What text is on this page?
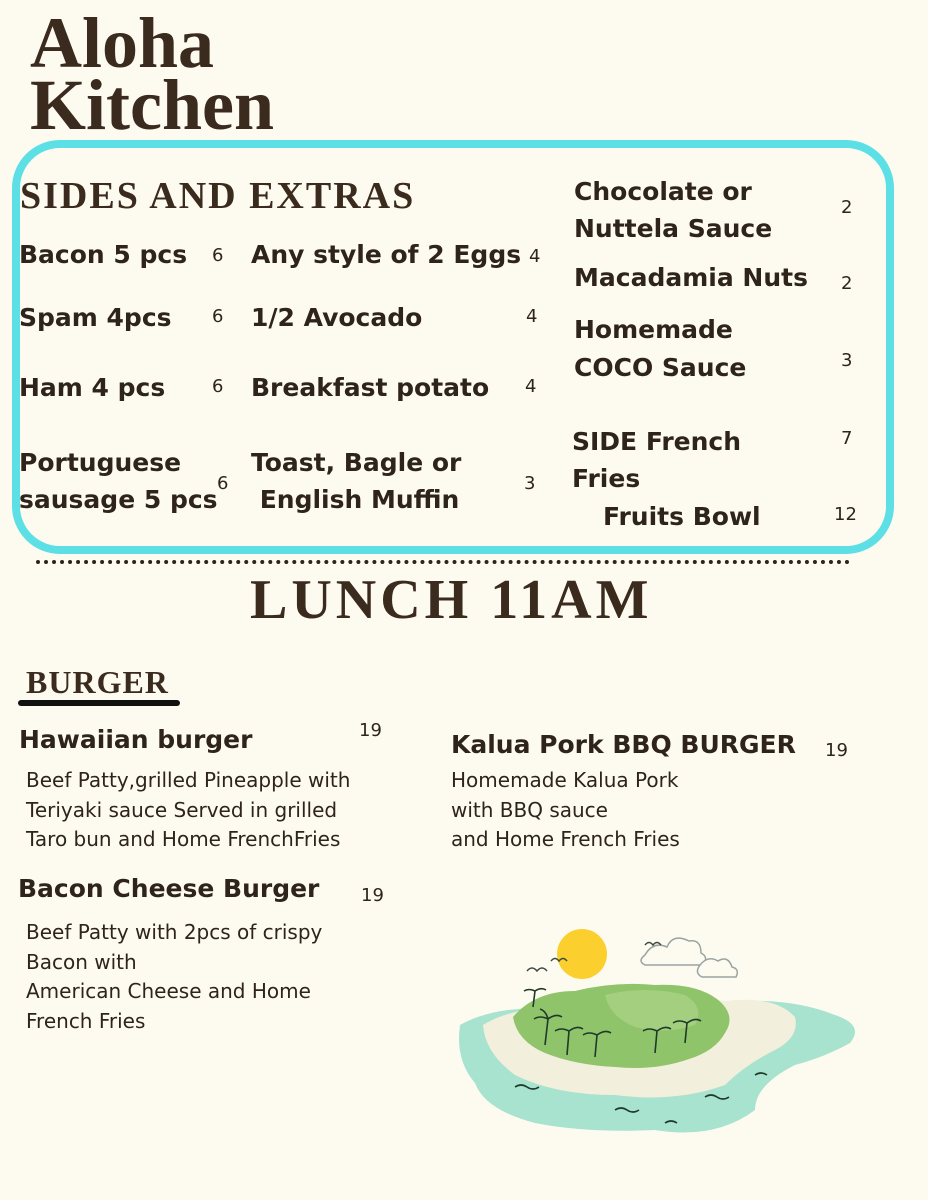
Aloha
Kitchen
SIDES AND EXTRAS
Bacon 5 pcs 6
Spam 4pcs 6
Ham 4 pcs	6
Portuguese
sausage 5 pcs
6
Any style of 2 Eggs 4
1/2 Avocado	4
Breakfast potato 4
Toast, Bagle or
English Muffin
3
Chocolate or
Nuttela Sauce
2
Macadamia Nuts 2
Homemade
COCO Sauce	3
SIDE French
Fries
7
Fruits Bowl	12
LUNCH 11AM
BURGER
Hawaiian burger	19
Beef Patty,grilled Pineapple with
Teriyaki sauce Served in grilled
Taro bun and Home FrenchFries
Bacon Cheese Burger 19
Beef Patty with 2pcs of crispy
Bacon with
American Cheese and Home
French Fries
Kalua Pork BBQ BURGER 19
Homemade Kalua Pork
with BBQ sauce
and Home French Fries
